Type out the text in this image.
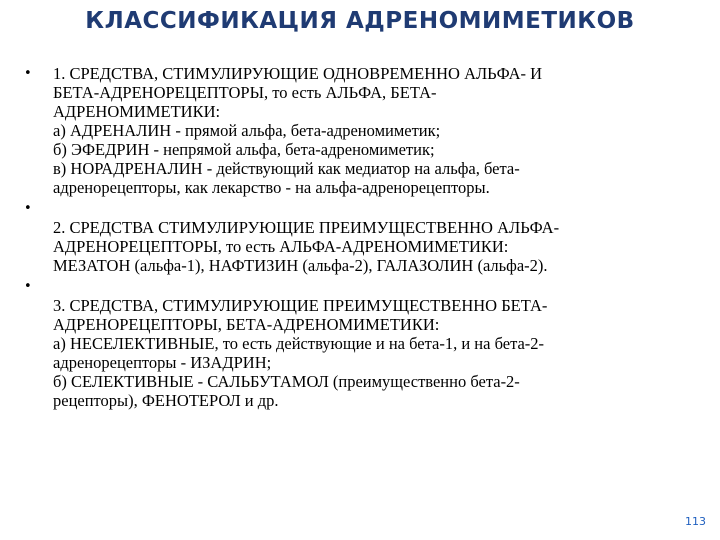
КЛАССИФИКАЦИЯ АДРЕНОМИМЕТИКОВ
• 1. СРЕДСТВА, СТИМУЛИРУЮЩИЕ ОДНОВРЕМЕННО АЛЬФА- И
БЕТА-АДРЕНОРЕЦЕПТОРЫ, то есть АЛЬФА, БЕТА-
АДРЕНОМИМЕТИКИ:
а) АДРЕНАЛИН - прямой альфа, бета-адреномиметик;
б) ЭФЕДРИН - непрямой альфа, бета-адреномиметик;
в) НОРАДРЕНАЛИН - действующий как медиатор на альфа, бета-
адренорецепторы, как лекарство - на альфа-адренорецепторы.
•

2. СРЕДСТВА СТИМУЛИРУЮЩИЕ ПРЕИМУЩЕСТВЕННО АЛЬФА-
АДРЕНОРЕЦЕПТОРЫ, то есть АЛЬФА-АДРЕНОМИМЕТИКИ:
МЕЗАТОН (альфа-1), НАФТИЗИН (альфа-2), ГАЛАЗОЛИН (альфа-2).
•

3. СРЕДСТВА, СТИМУЛИРУЮЩИЕ ПРЕИМУЩЕСТВЕННО БЕТА-
АДРЕНОРЕЦЕПТОРЫ, БЕТА-АДРЕНОМИМЕТИКИ:
а) НЕСЕЛЕКТИВНЫЕ, то есть действующие и на бета-1, и на бета-2-
адренорецепторы - ИЗАДРИН;
б) СЕЛЕКТИВНЫЕ - САЛЬБУТАМОЛ (преимущественно бета-2-
рецепторы), ФЕНОТЕРОЛ и др.
113
